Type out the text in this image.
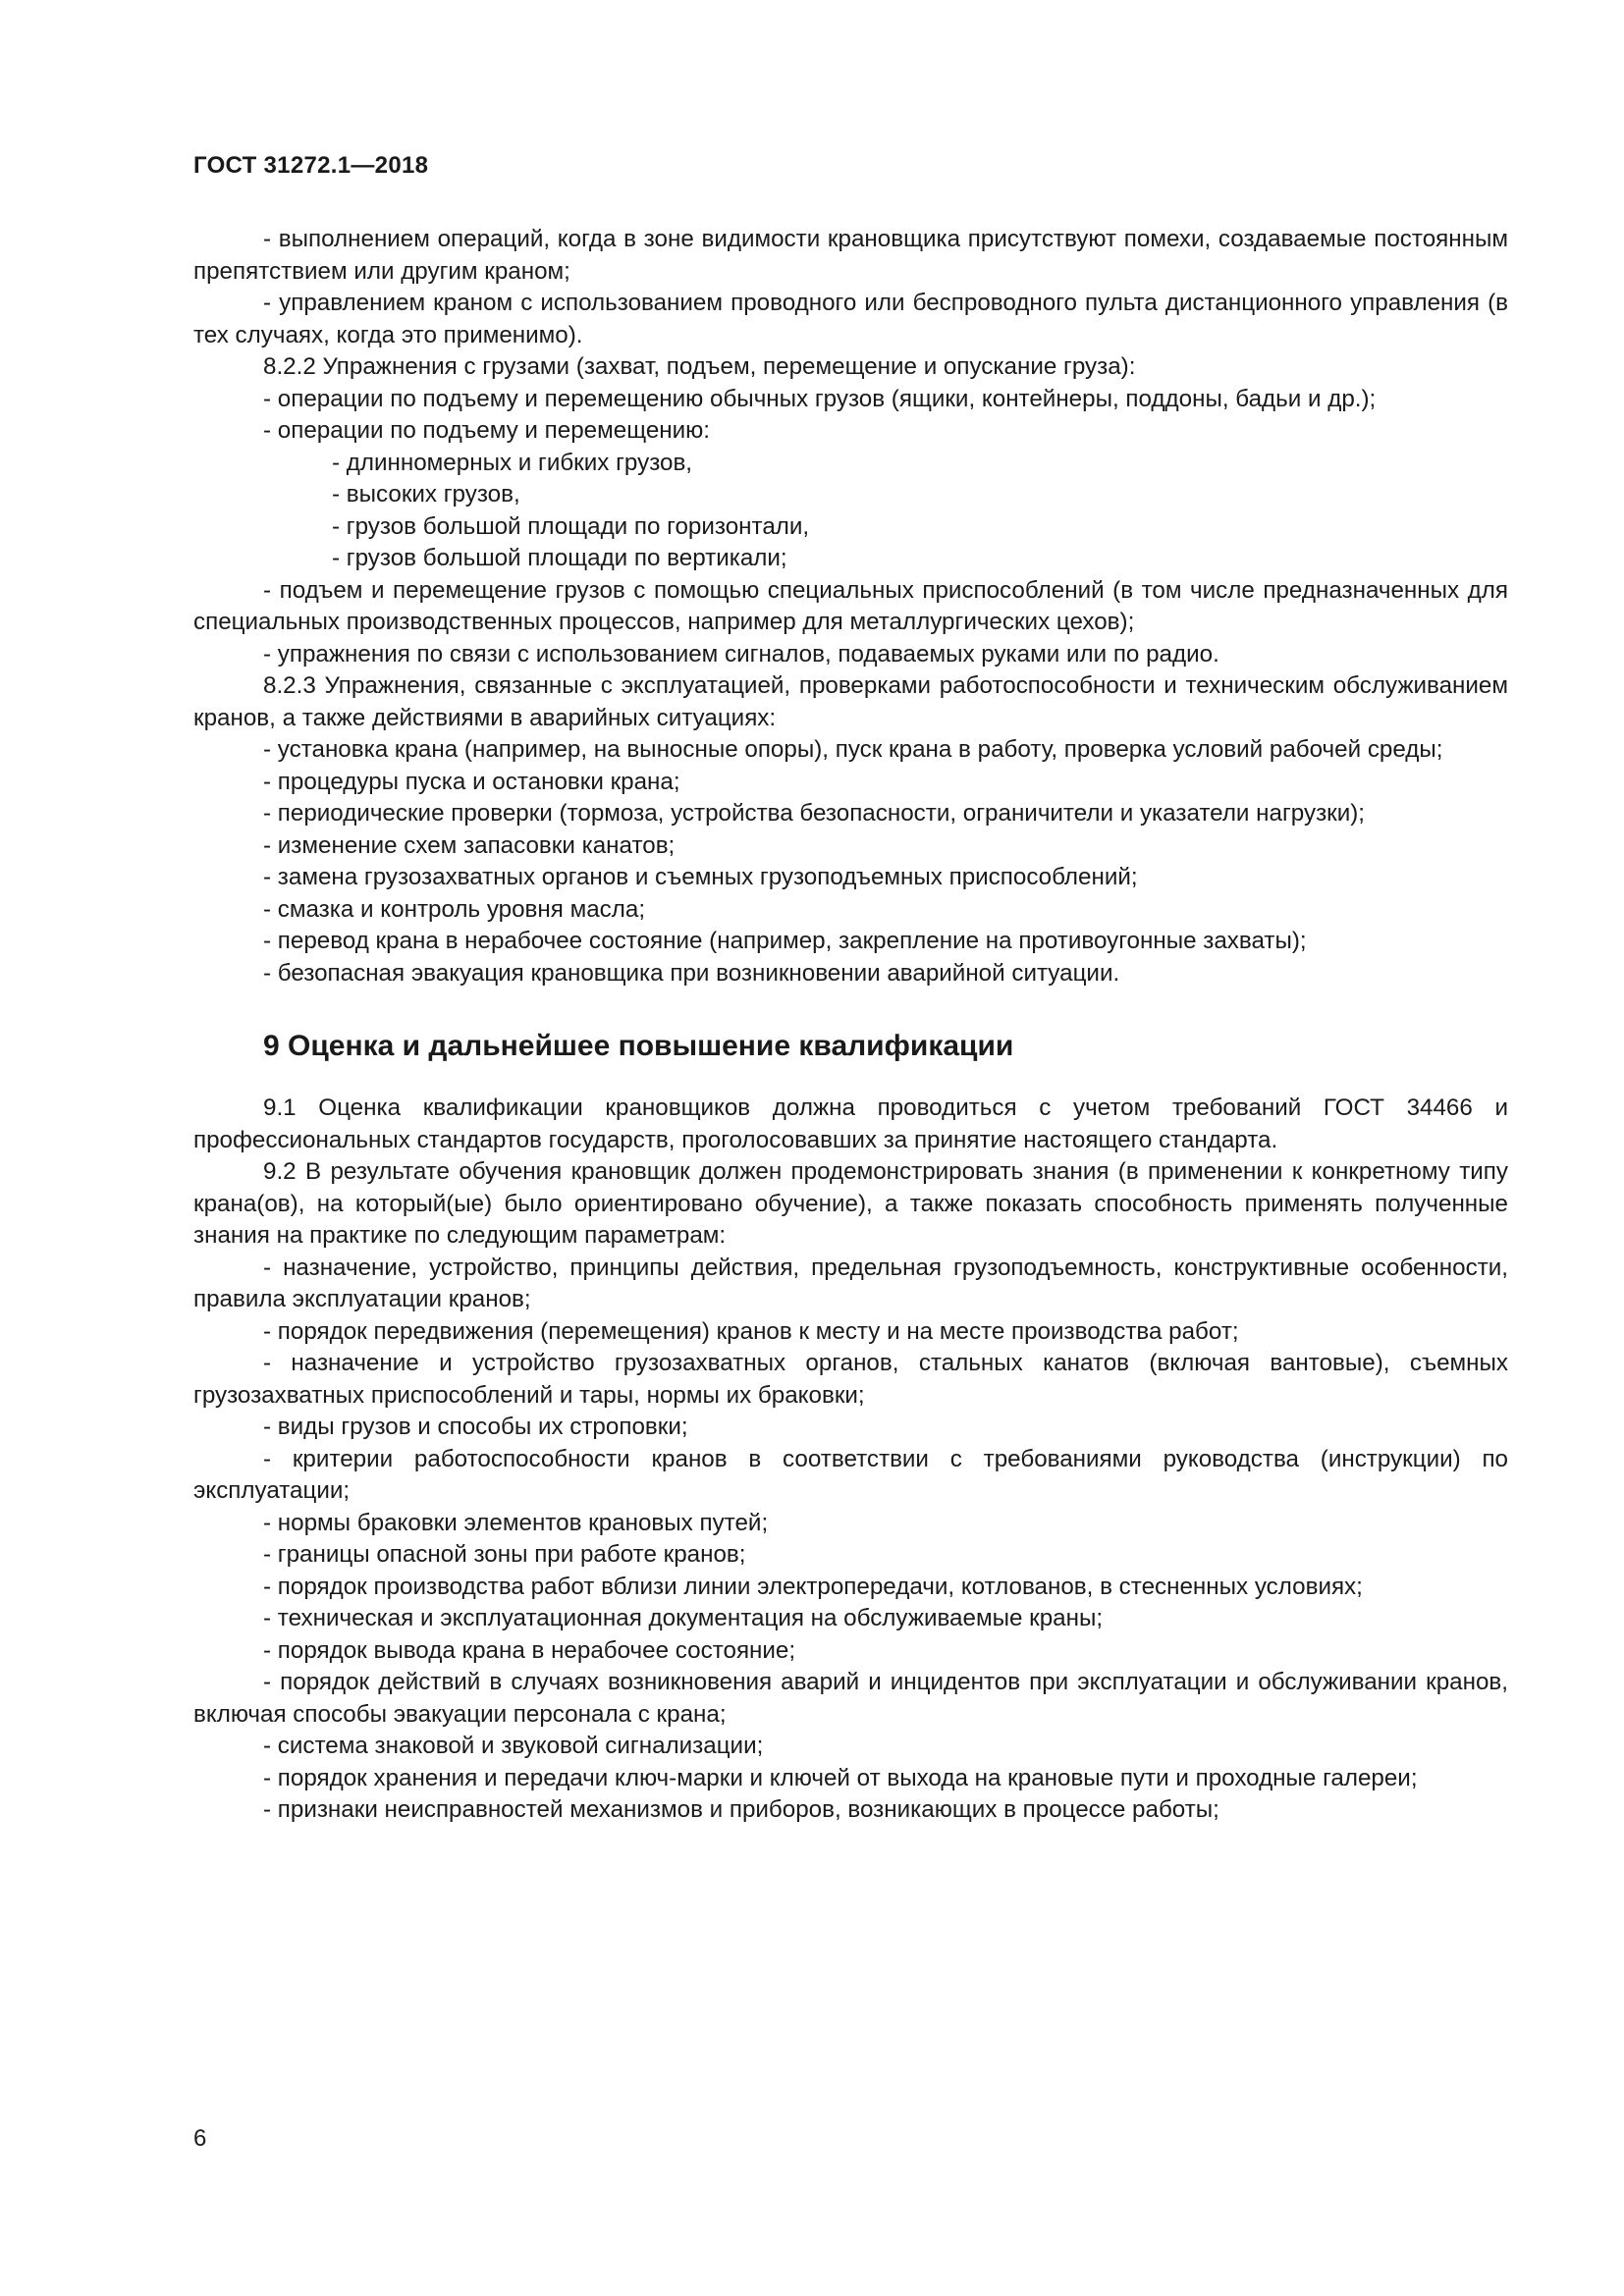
ГОСТ 31272.1—2018

- выполнением операций, когда в зоне видимости крановщика присутствуют помехи, создаваемые постоянным препятствием или другим краном;

- управлением краном с использованием проводного или беспроводного пульта дистанционного управления (в тех случаях, когда это применимо).

8.2.2 Упражнения с грузами (захват, подъем, перемещение и опускание груза):

- операции по подъему и перемещению обычных грузов (ящики, контейнеры, поддоны, бадьи и др.);

- операции по подъему и перемещению:

- длинномерных и гибких грузов,

- высоких грузов,

- грузов большой площади по горизонтали,

- грузов большой площади по вертикали;

- подъем и перемещение грузов с помощью специальных приспособлений (в том числе предназначенных для специальных производственных процессов, например для металлургических цехов);

- упражнения по связи с использованием сигналов, подаваемых руками или по радио.

8.2.3 Упражнения, связанные с эксплуатацией, проверками работоспособности и техническим обслуживанием кранов, а также действиями в аварийных ситуациях:

- установка крана (например, на выносные опоры), пуск крана в работу, проверка условий рабочей среды;

- процедуры пуска и остановки крана;

- периодические проверки (тормоза, устройства безопасности, ограничители и указатели нагрузки);

- изменение схем запасовки канатов;

- замена грузозахватных органов и съемных грузоподъемных приспособлений;

- смазка и контроль уровня масла;

- перевод крана в нерабочее состояние (например, закрепление на противоугонные захваты);

- безопасная эвакуация крановщика при возникновении аварийной ситуации.

9 Оценка и дальнейшее повышение квалификации

9.1 Оценка квалификации крановщиков должна проводиться с учетом требований ГОСТ 34466 и профессиональных стандартов государств, проголосовавших за принятие настоящего стандарта.

9.2 В результате обучения крановщик должен продемонстрировать знания (в применении к конкретному типу крана(ов), на который(ые) было ориентировано обучение), а также показать способность применять полученные знания на практике по следующим параметрам:

- назначение, устройство, принципы действия, предельная грузоподъемность, конструктивные особенности, правила эксплуатации кранов;

- порядок передвижения (перемещения) кранов к месту и на месте производства работ;

- назначение и устройство грузозахватных органов, стальных канатов (включая вантовые), съемных грузозахватных приспособлений и тары, нормы их браковки;

- виды грузов и способы их строповки;

- критерии работоспособности кранов в соответствии с требованиями руководства (инструкции) по эксплуатации;

- нормы браковки элементов крановых путей;

- границы опасной зоны при работе кранов;

- порядок производства работ вблизи линии электропередачи, котлованов, в стесненных условиях;

- техническая и эксплуатационная документация на обслуживаемые краны;

- порядок вывода крана в нерабочее состояние;

- порядок действий в случаях возникновения аварий и инцидентов при эксплуатации и обслуживании кранов, включая способы эвакуации персонала с крана;

- система знаковой и звуковой сигнализации;

- порядок хранения и передачи ключ-марки и ключей от выхода на крановые пути и проходные галереи;

- признаки неисправностей механизмов и приборов, возникающих в процессе работы;

6
